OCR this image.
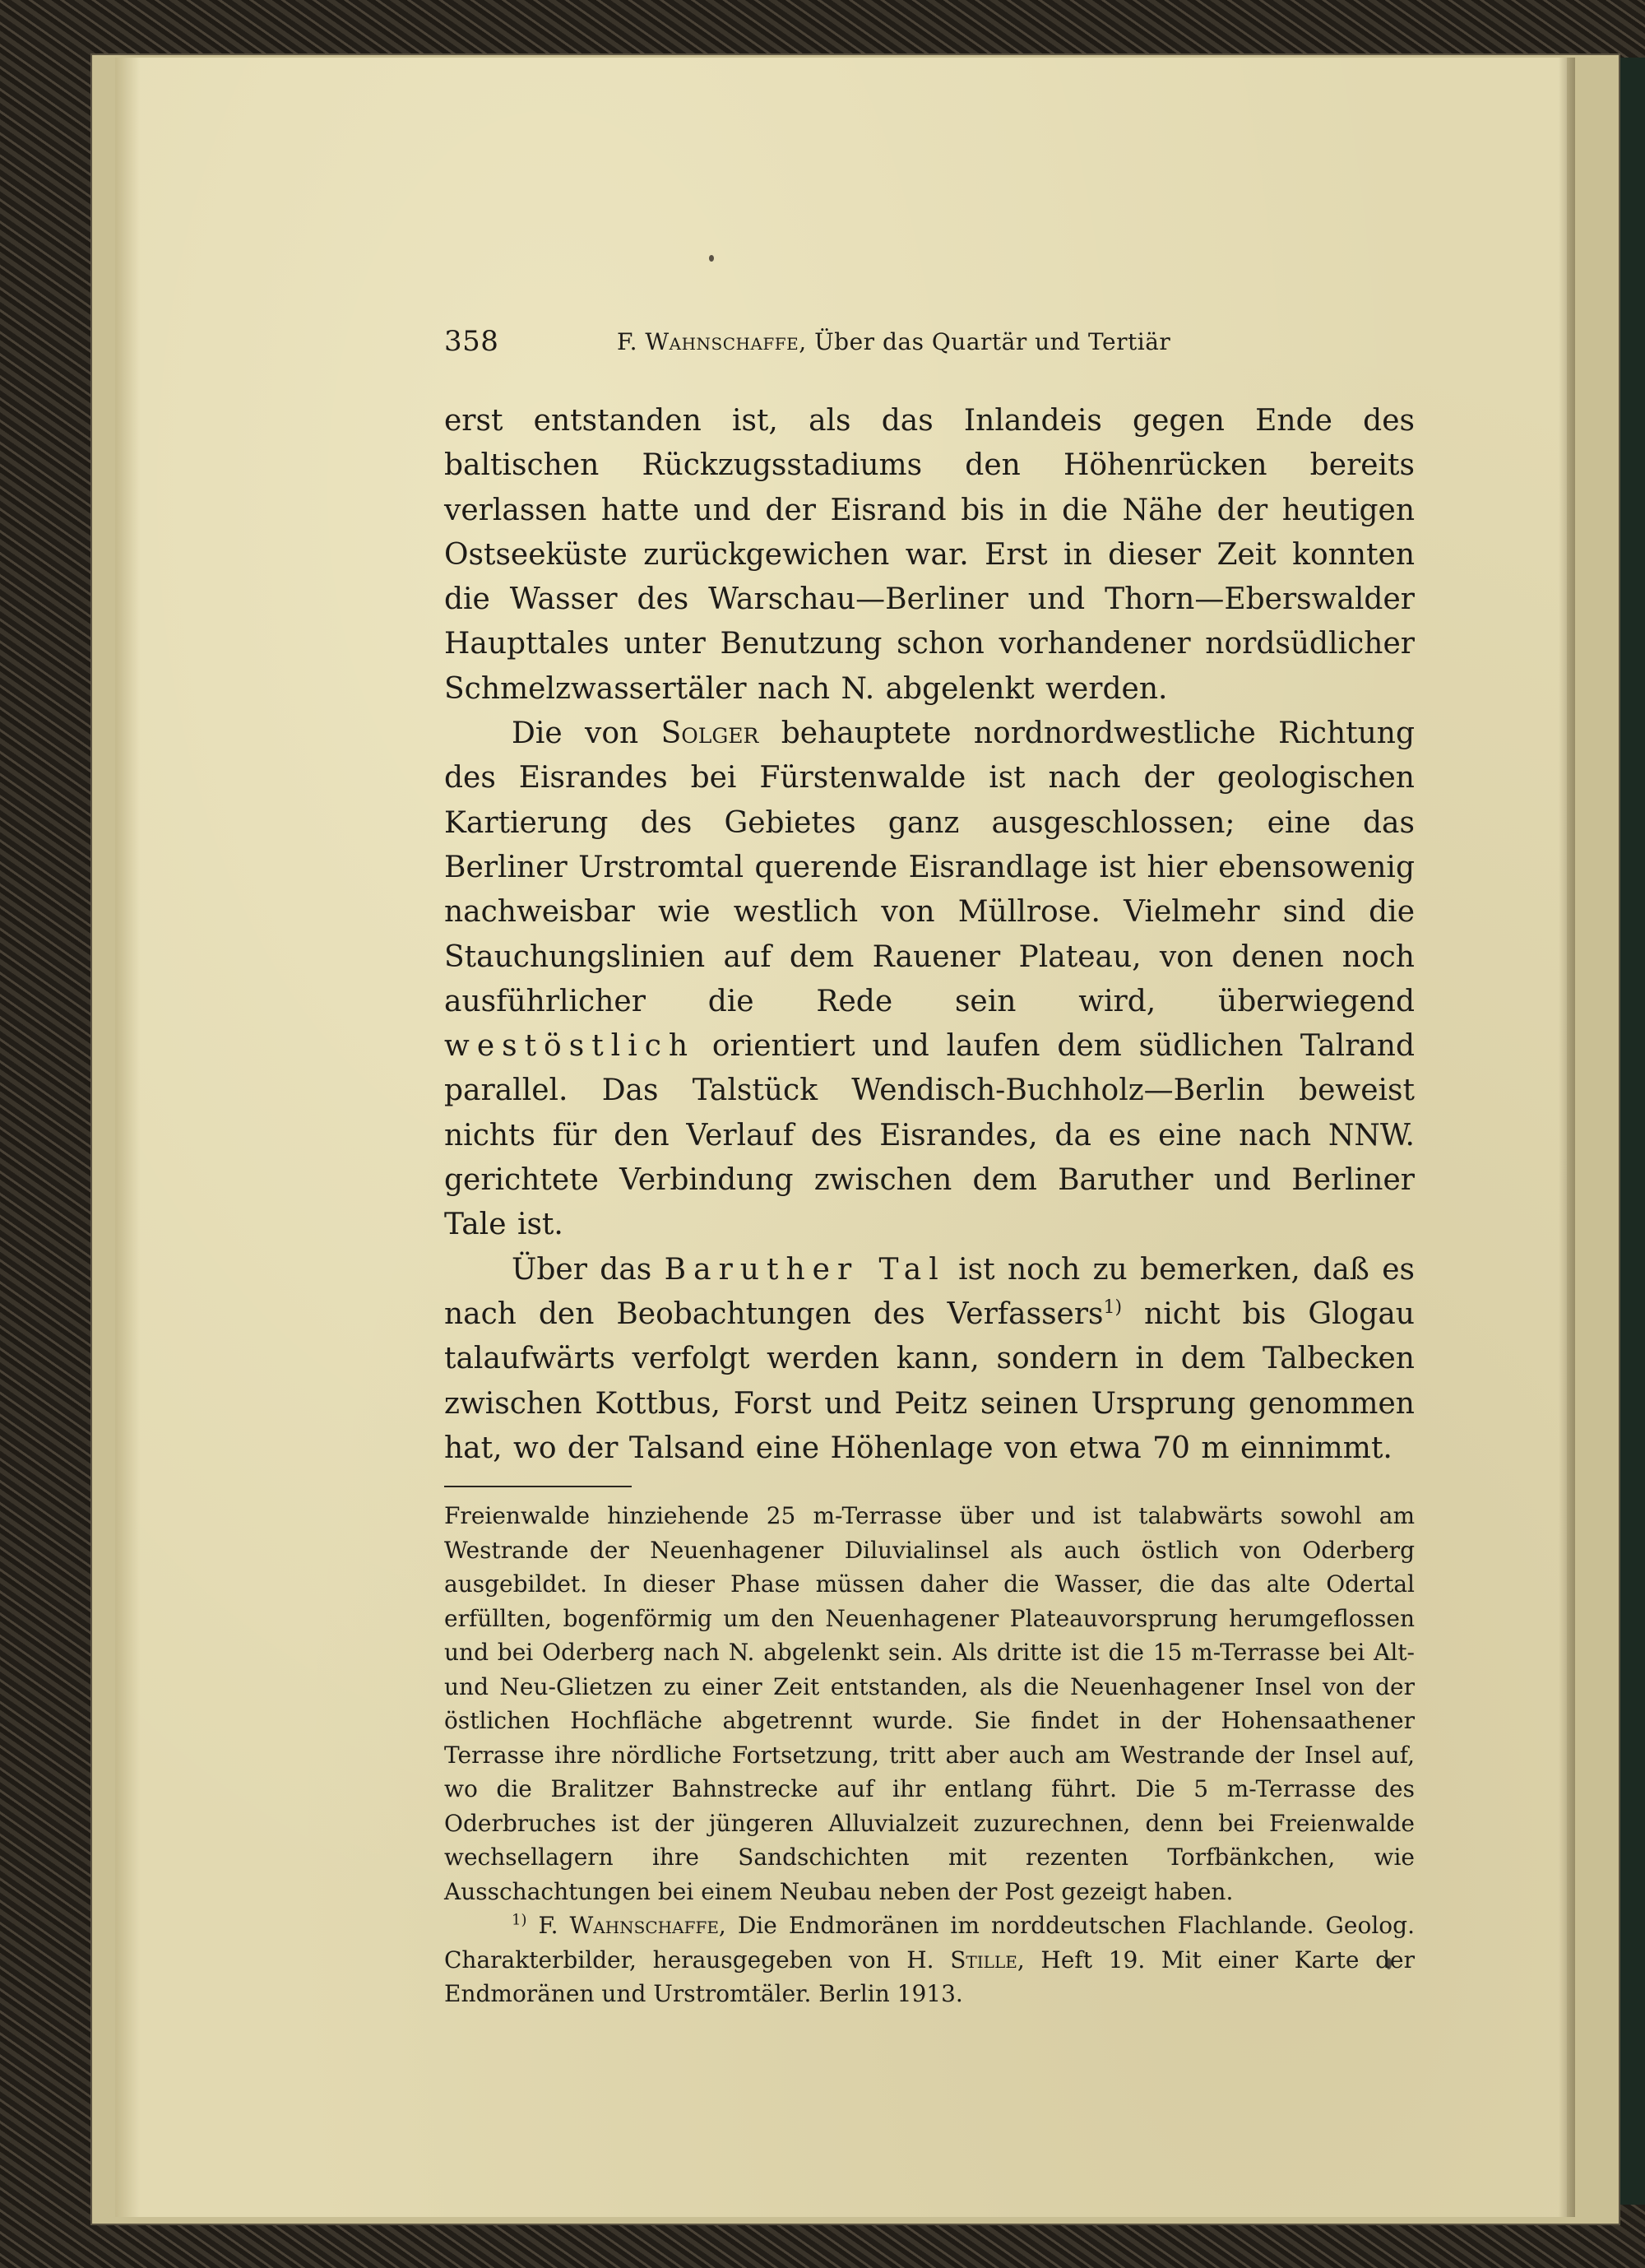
358	F. Wahnschaffe, Über das Quartär und Tertiär

erst entstanden ist, als das Inlandeis gegen Ende des baltischen Rückzugsstadiums den Höhenrücken bereits verlassen hatte und der Eisrand bis in die Nähe der heutigen Ostseeküste zurückgewichen war. Erst in dieser Zeit konnten die Wasser des Warschau—Berliner und Thorn—Eberswalder Haupttales unter Benutzung schon vorhandener nordsüdlicher Schmelzwassertäler nach N. abgelenkt werden.

Die von Solger behauptete nordnordwestliche Richtung des Eisrandes bei Fürstenwalde ist nach der geologischen Kartierung des Gebietes ganz ausgeschlossen; eine das Berliner Urstromtal querende Eisrandlage ist hier ebensowenig nachweisbar wie westlich von Müllrose. Vielmehr sind die Stauchungslinien auf dem Rauener Plateau, von denen noch ausführlicher die Rede sein wird, überwiegend westöstlich orientiert und laufen dem südlichen Talrand parallel. Das Talstück Wendisch-Buchholz—Berlin beweist nichts für den Verlauf des Eisrandes, da es eine nach NNW. gerichtete Verbindung zwischen dem Baruther und Berliner Tale ist.

Über das Baruther Tal ist noch zu bemerken, daß es nach den Beobachtungen des Verfassers$^{1)}$ nicht bis Glogau talaufwärts verfolgt werden kann, sondern in dem Talbecken zwischen Kottbus, Forst und Peitz seinen Ursprung genommen hat, wo der Talsand eine Höhenlage von etwa 70 m einnimmt.

Freienwalde hinziehende 25 m-Terrasse über und ist talabwärts sowohl am Westrande der Neuenhagener Diluvialinsel als auch östlich von Oderberg ausgebildet. In dieser Phase müssen daher die Wasser, die das alte Odertal erfüllten, bogenförmig um den Neuenhagener Plateauvorsprung herumgeflossen und bei Oderberg nach N. abgelenkt sein. Als dritte ist die 15 m-Terrasse bei Alt- und Neu-Glietzen zu einer Zeit entstanden, als die Neuenhagener Insel von der östlichen Hochfläche abgetrennt wurde. Sie findet in der Hohensaathener Terrasse ihre nördliche Fortsetzung, tritt aber auch am Westrande der Insel auf, wo die Bralitzer Bahnstrecke auf ihr entlang führt. Die 5 m-Terrasse des Oderbruches ist der jüngeren Alluvialzeit zuzurechnen, denn bei Freienwalde wechsellagern ihre Sandschichten mit rezenten Torfbänkchen, wie Ausschachtungen bei einem Neubau neben der Post gezeigt haben.

$^{1)}$ F. Wahnschaffe, Die Endmoränen im norddeutschen Flachlande. Geolog. Charakterbilder, herausgegeben von H. Stille, Heft 19. Mit einer Karte der Endmoränen und Urstromtäler. Berlin 1913.
